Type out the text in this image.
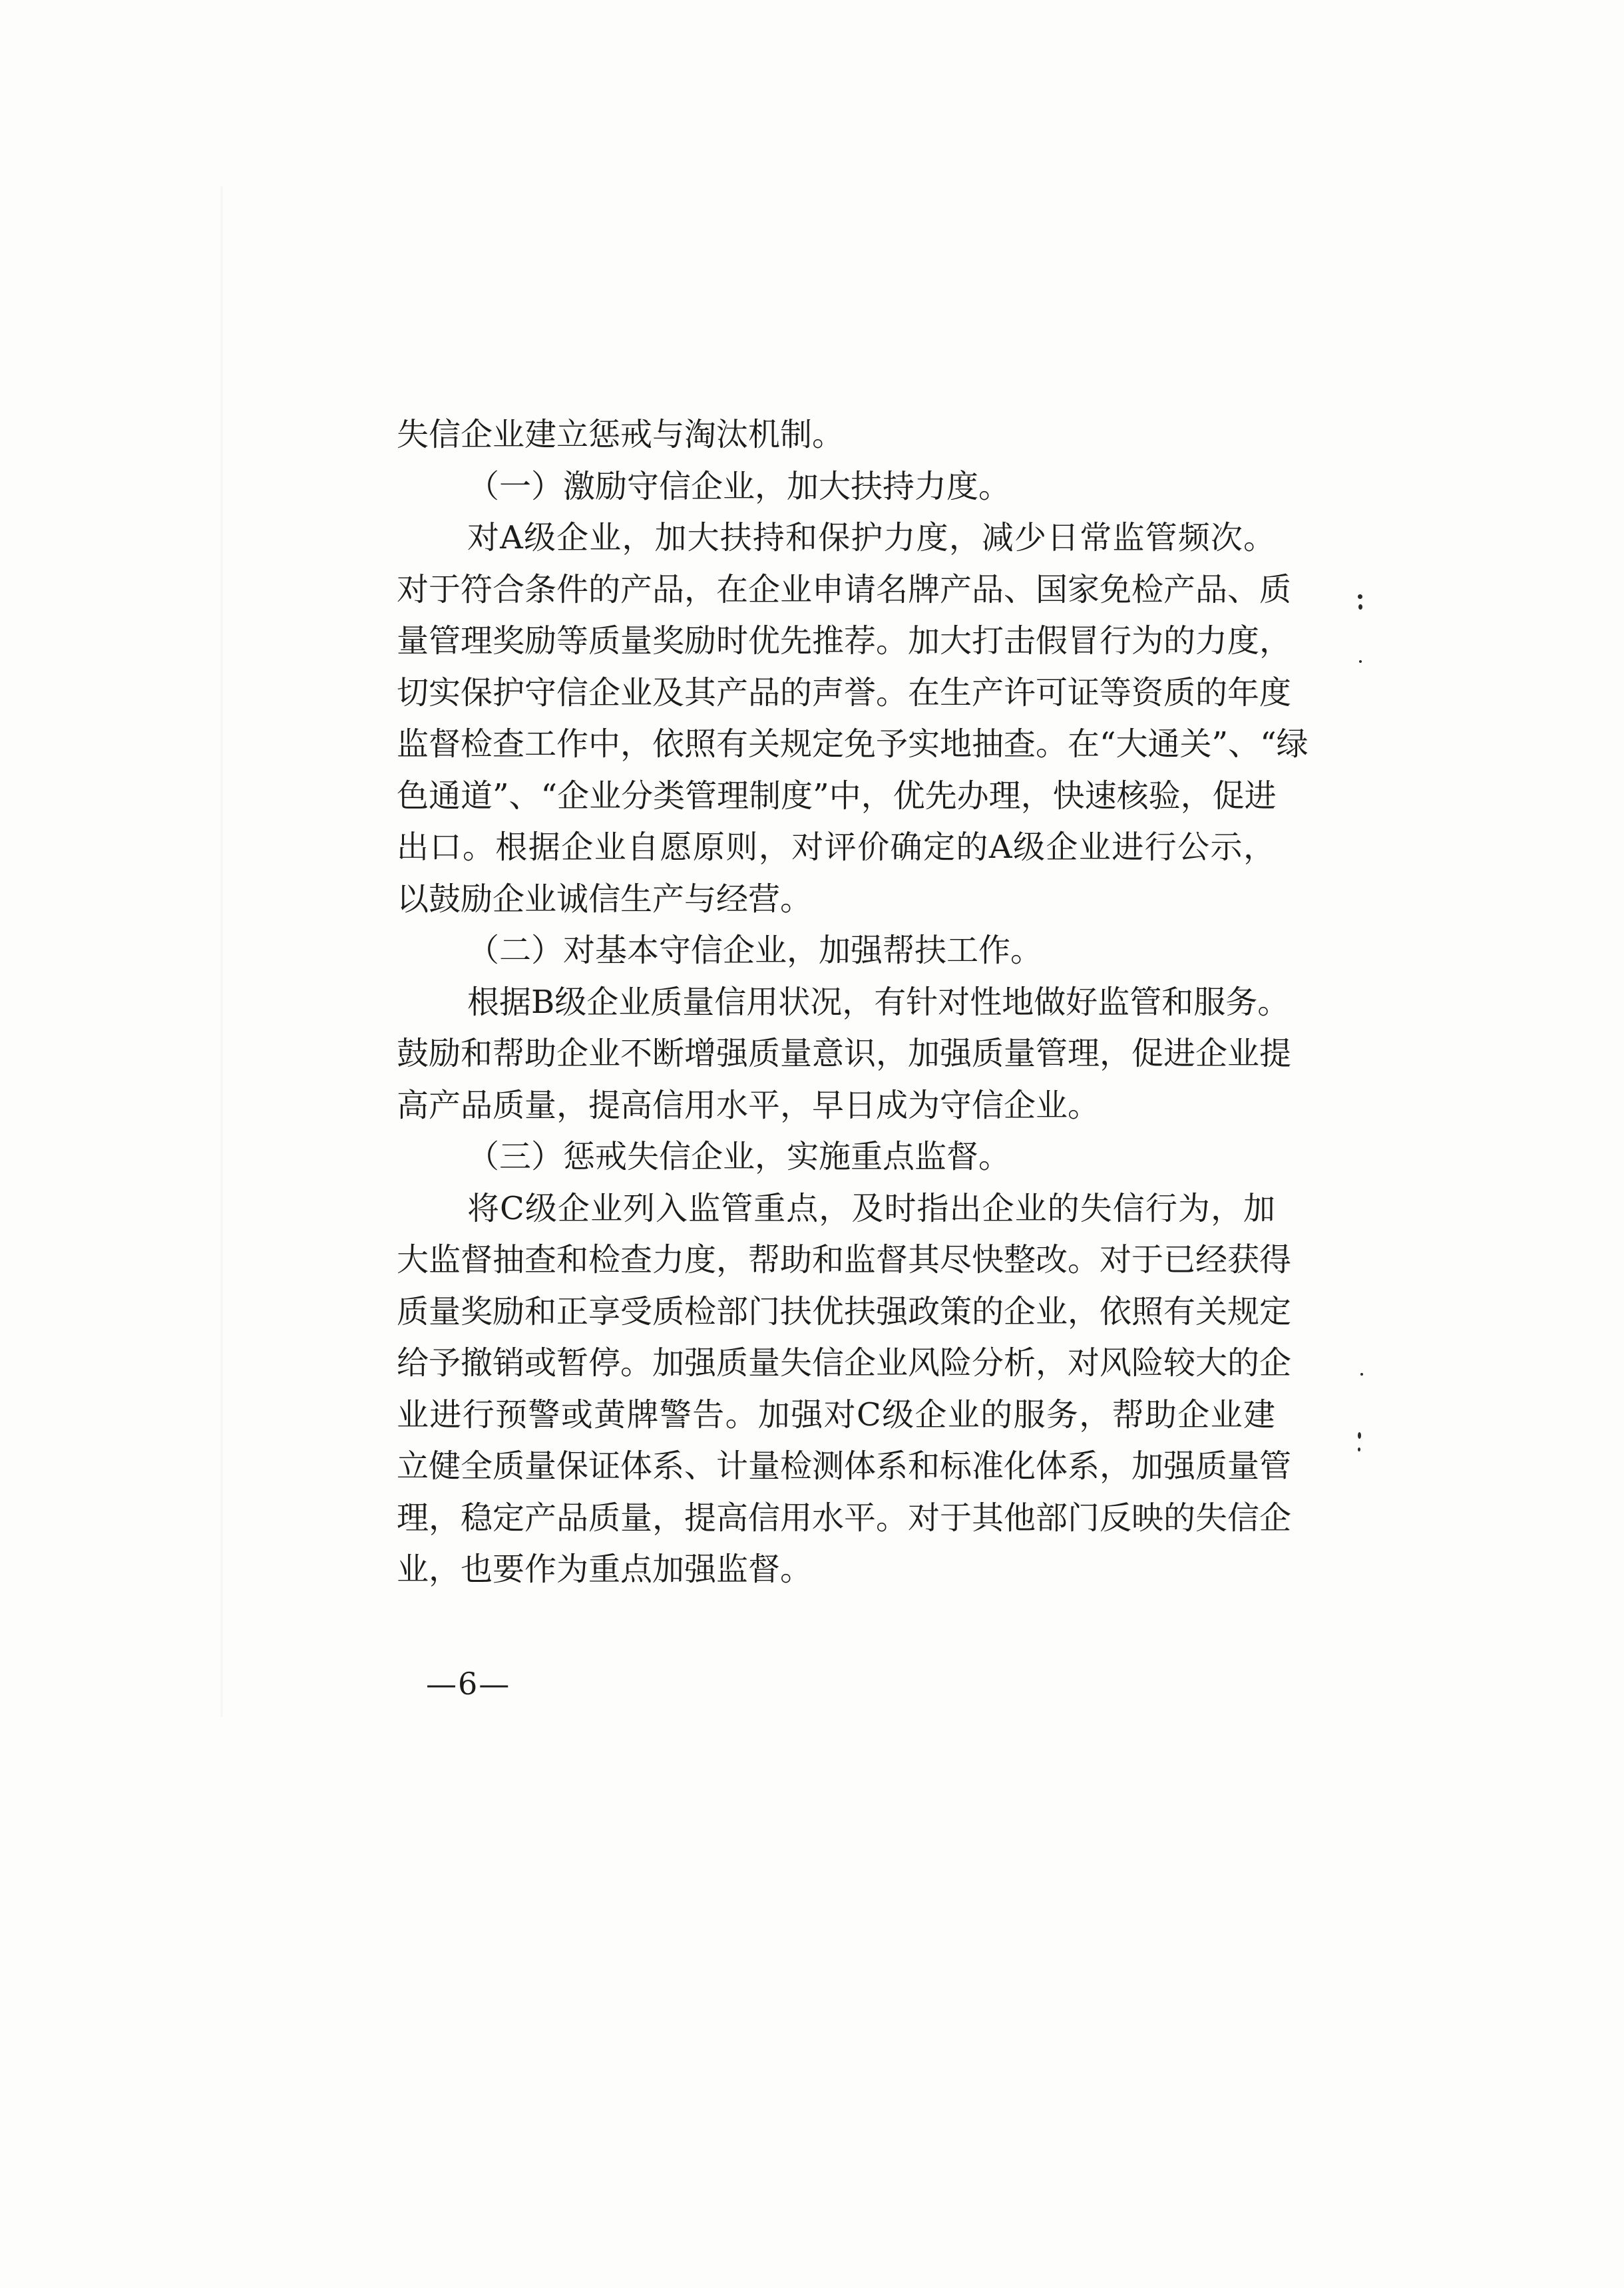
失信企业建立惩戒与淘汰机制。
（一）激励守信企业，加大扶持力度。
对A级企业，加大扶持和保护力度，减少日常监管频次。
对于符合条件的产品，在企业申请名牌产品、国家免检产品、质
量管理奖励等质量奖励时优先推荐。加大打击假冒行为的力度，
切实保护守信企业及其产品的声誉。在生产许可证等资质的年度
监督检查工作中，依照有关规定免予实地抽查。在“大通关”、“绿
色通道”、“企业分类管理制度”中，优先办理，快速核验，促进
出口。根据企业自愿原则，对评价确定的A级企业进行公示，
以鼓励企业诚信生产与经营。
（二）对基本守信企业，加强帮扶工作。
根据B级企业质量信用状况，有针对性地做好监管和服务。
鼓励和帮助企业不断增强质量意识，加强质量管理，促进企业提
高产品质量，提高信用水平，早日成为守信企业。
（三）惩戒失信企业，实施重点监督。
将C级企业列入监管重点，及时指出企业的失信行为，加
大监督抽查和检查力度，帮助和监督其尽快整改。对于已经获得
质量奖励和正享受质检部门扶优扶强政策的企业，依照有关规定
给予撤销或暂停。加强质量失信企业风险分析，对风险较大的企
业进行预警或黄牌警告。加强对C级企业的服务，帮助企业建
立健全质量保证体系、计量检测体系和标准化体系，加强质量管
理，稳定产品质量，提高信用水平。对于其他部门反映的失信企
业，也要作为重点加强监督。
—6—
